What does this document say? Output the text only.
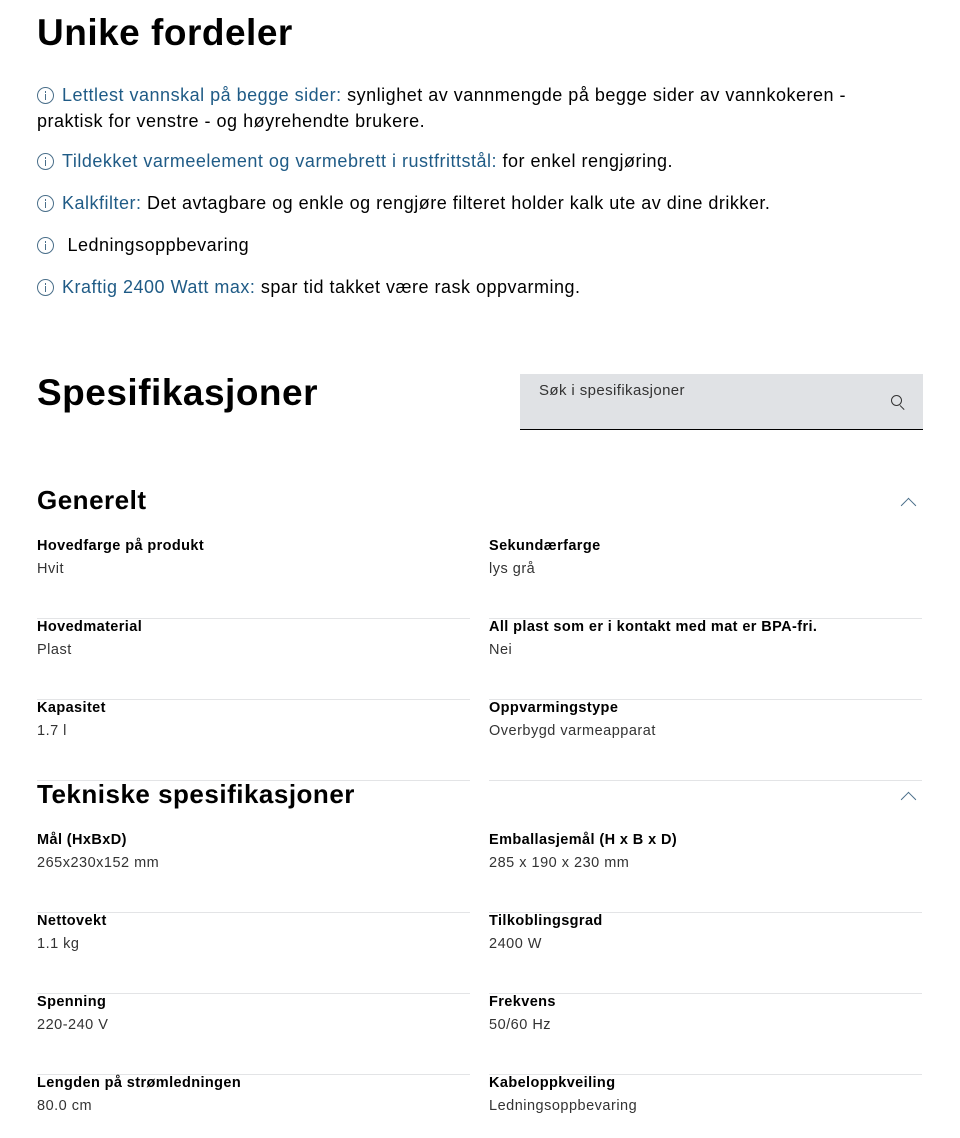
Unike fordeler

Lettlest vannskal på begge sider: synlighet av vannmengde på begge sider av vannkokeren - praktisk for venstre - og høyrehendte brukere.

Tildekket varmeelement og varmebrett i rustfrittstål: for enkel rengjøring.

Kalkfilter: Det avtagbare og enkle og rengjøre filteret holder kalk ute av dine drikker.

Ledningsoppbevaring

Kraftig 2400 Watt max: spar tid takket være rask oppvarming.

Spesifikasjoner
Søk i spesifikasjoner
Generelt
Hovedfarge på produkt
Hvit
Sekundærfarge
lys grå
Hovedmaterial
Plast
All plast som er i kontakt med mat er BPA-fri.
Nei
Kapasitet
1.7 l
Oppvarmingstype
Overbygd varmeapparat
Tekniske spesifikasjoner
Mål (HxBxD)
265x230x152 mm
Emballasjemål (H x B x D)
285 x 190 x 230 mm
Nettovekt
1.1 kg
Tilkoblingsgrad
2400 W
Spenning
220-240 V
Frekvens
50/60 Hz
Lengden på strømledningen
80.0 cm
Kabeloppkveiling
Ledningsoppbevaring
